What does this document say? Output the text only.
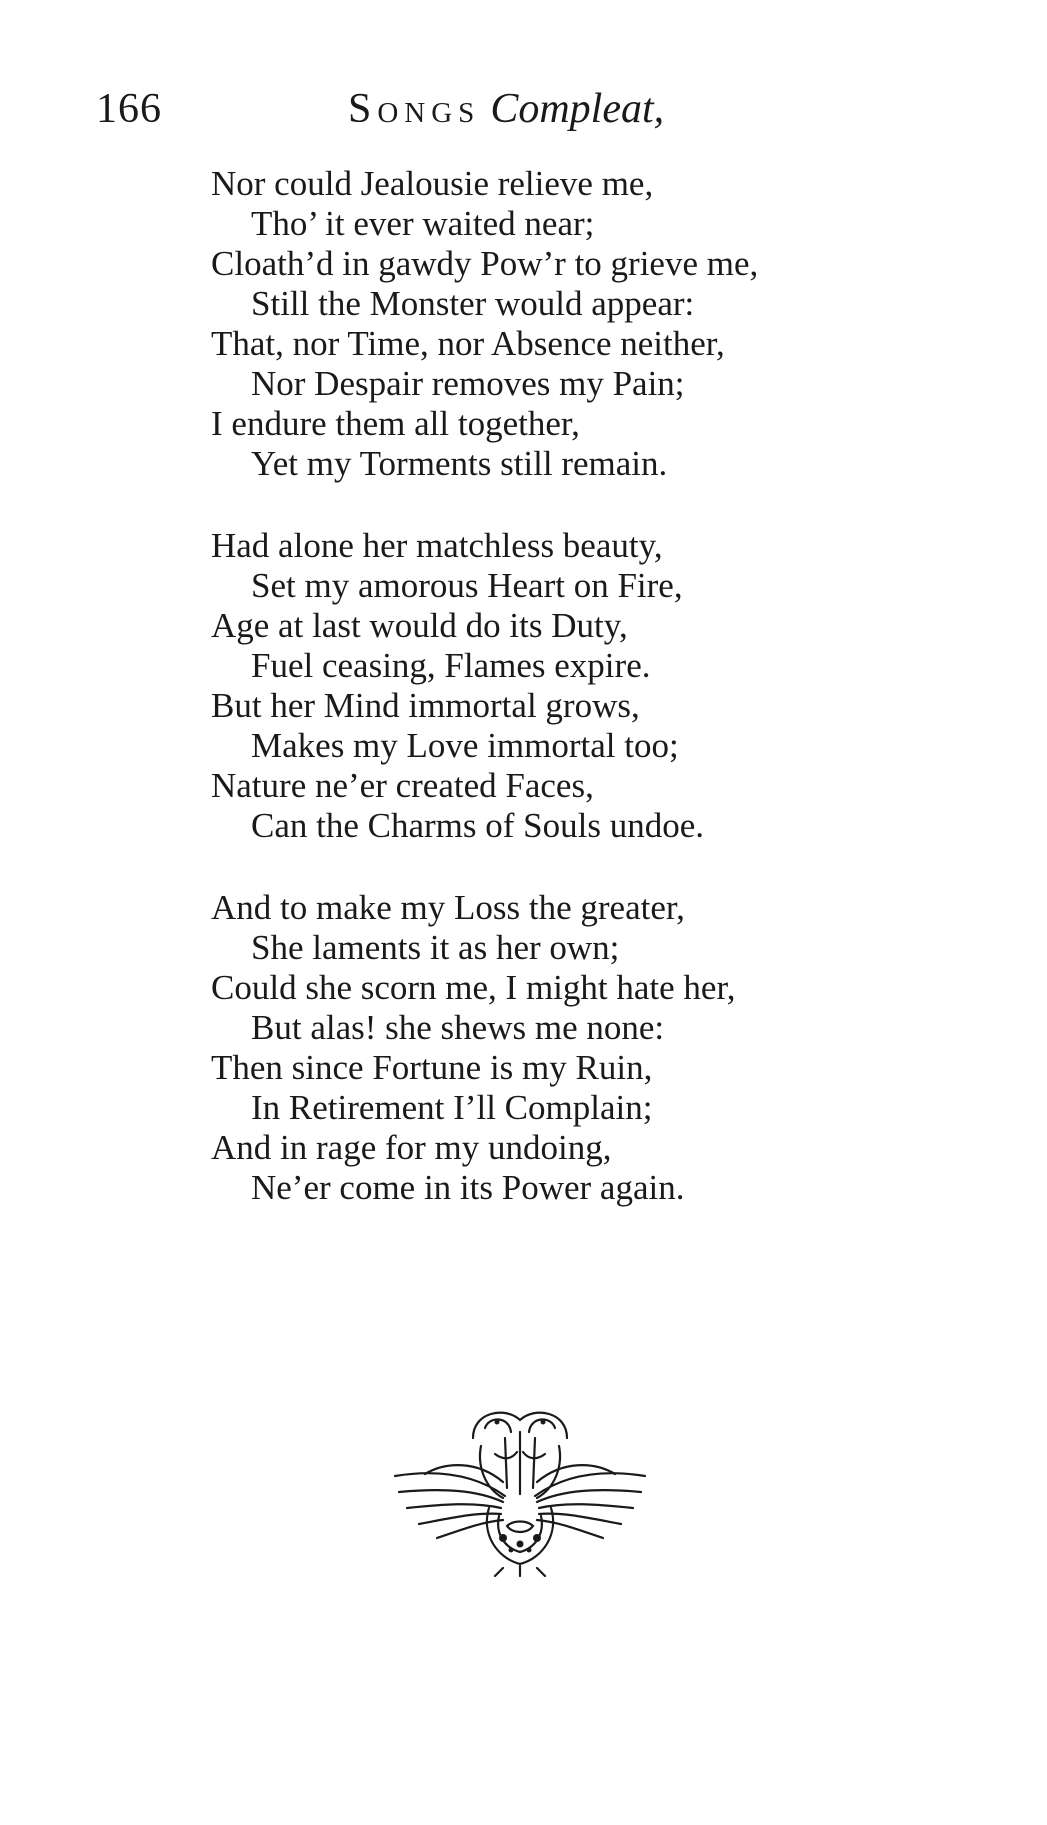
166	Songs Compleat,
Nor could Jealousie relieve me,
Tho’ it ever waited near;
Cloath’d in gawdy Pow’r to grieve me,
Still the Monster would appear:
That, nor Time, nor Absence neither,
Nor Despair removes my Pain;
I endure them all together,
Yet my Torments still remain.
Had alone her matchless beauty,
Set my amorous Heart on Fire,
Age at last would do its Duty,
Fuel ceasing, Flames expire.
But her Mind immortal grows,
Makes my Love immortal too;
Nature ne’er created Faces,
Can the Charms of Souls undoe.
And to make my Loss the greater,
She laments it as her own;
Could she scorn me, I might hate her,
But alas! she shews me none:
Then since Fortune is my Ruin,
In Retirement I’ll Complain;
And in rage for my undoing,
Ne’er come in its Power again.
